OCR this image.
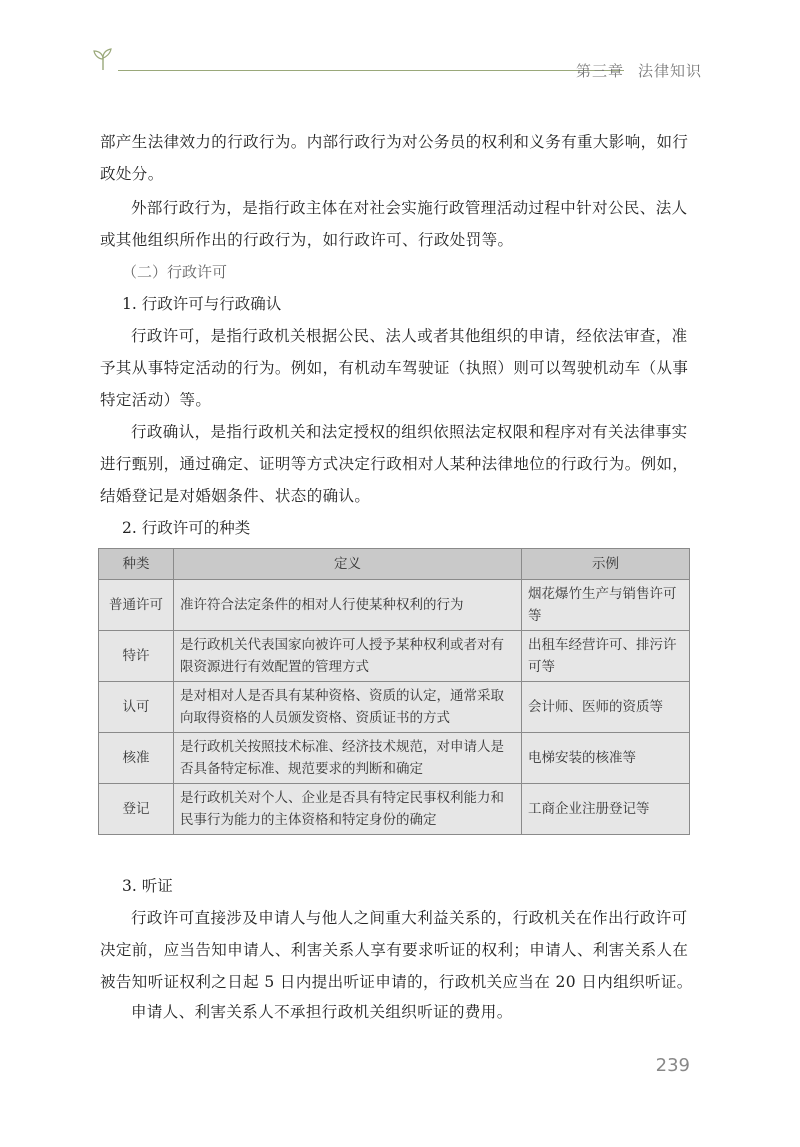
第三章 法律知识

部产生法律效力的行政行为。内部行政行为对公务员的权利和义务有重大影响，如行政处分。

外部行政行为，是指行政主体在对社会实施行政管理活动过程中针对公民、法人或其他组织所作出的行政行为，如行政许可、行政处罚等。

（二）行政许可

1. 行政许可与行政确认

行政许可，是指行政机关根据公民、法人或者其他组织的申请，经依法审查，准予其从事特定活动的行为。例如，有机动车驾驶证（执照）则可以驾驶机动车（从事特定活动）等。

行政确认，是指行政机关和法定授权的组织依照法定权限和程序对有关法律事实进行甄别，通过确定、证明等方式决定行政相对人某种法律地位的行政行为。例如，结婚登记是对婚姻条件、状态的确认。

2. 行政许可的种类

种类	定义	示例
普通许可	准许符合法定条件的相对人行使某种权利的行为	烟花爆竹生产与销售许可等
特许	是行政机关代表国家向被许可人授予某种权利或者对有限资源进行有效配置的管理方式	出租车经营许可、排污许可等
认可	是对相对人是否具有某种资格、资质的认定，通常采取向取得资格的人员颁发资格、资质证书的方式	会计师、医师的资质等
核准	是行政机关按照技术标准、经济技术规范，对申请人是否具备特定标准、规范要求的判断和确定	电梯安装的核准等
登记	是行政机关对个人、企业是否具有特定民事权利能力和民事行为能力的主体资格和特定身份的确定	工商企业注册登记等

3. 听证

行政许可直接涉及申请人与他人之间重大利益关系的，行政机关在作出行政许可决定前，应当告知申请人、利害关系人享有要求听证的权利；申请人、利害关系人在被告知听证权利之日起 5 日内提出听证申请的，行政机关应当在 20 日内组织听证。

申请人、利害关系人不承担行政机关组织听证的费用。

239
